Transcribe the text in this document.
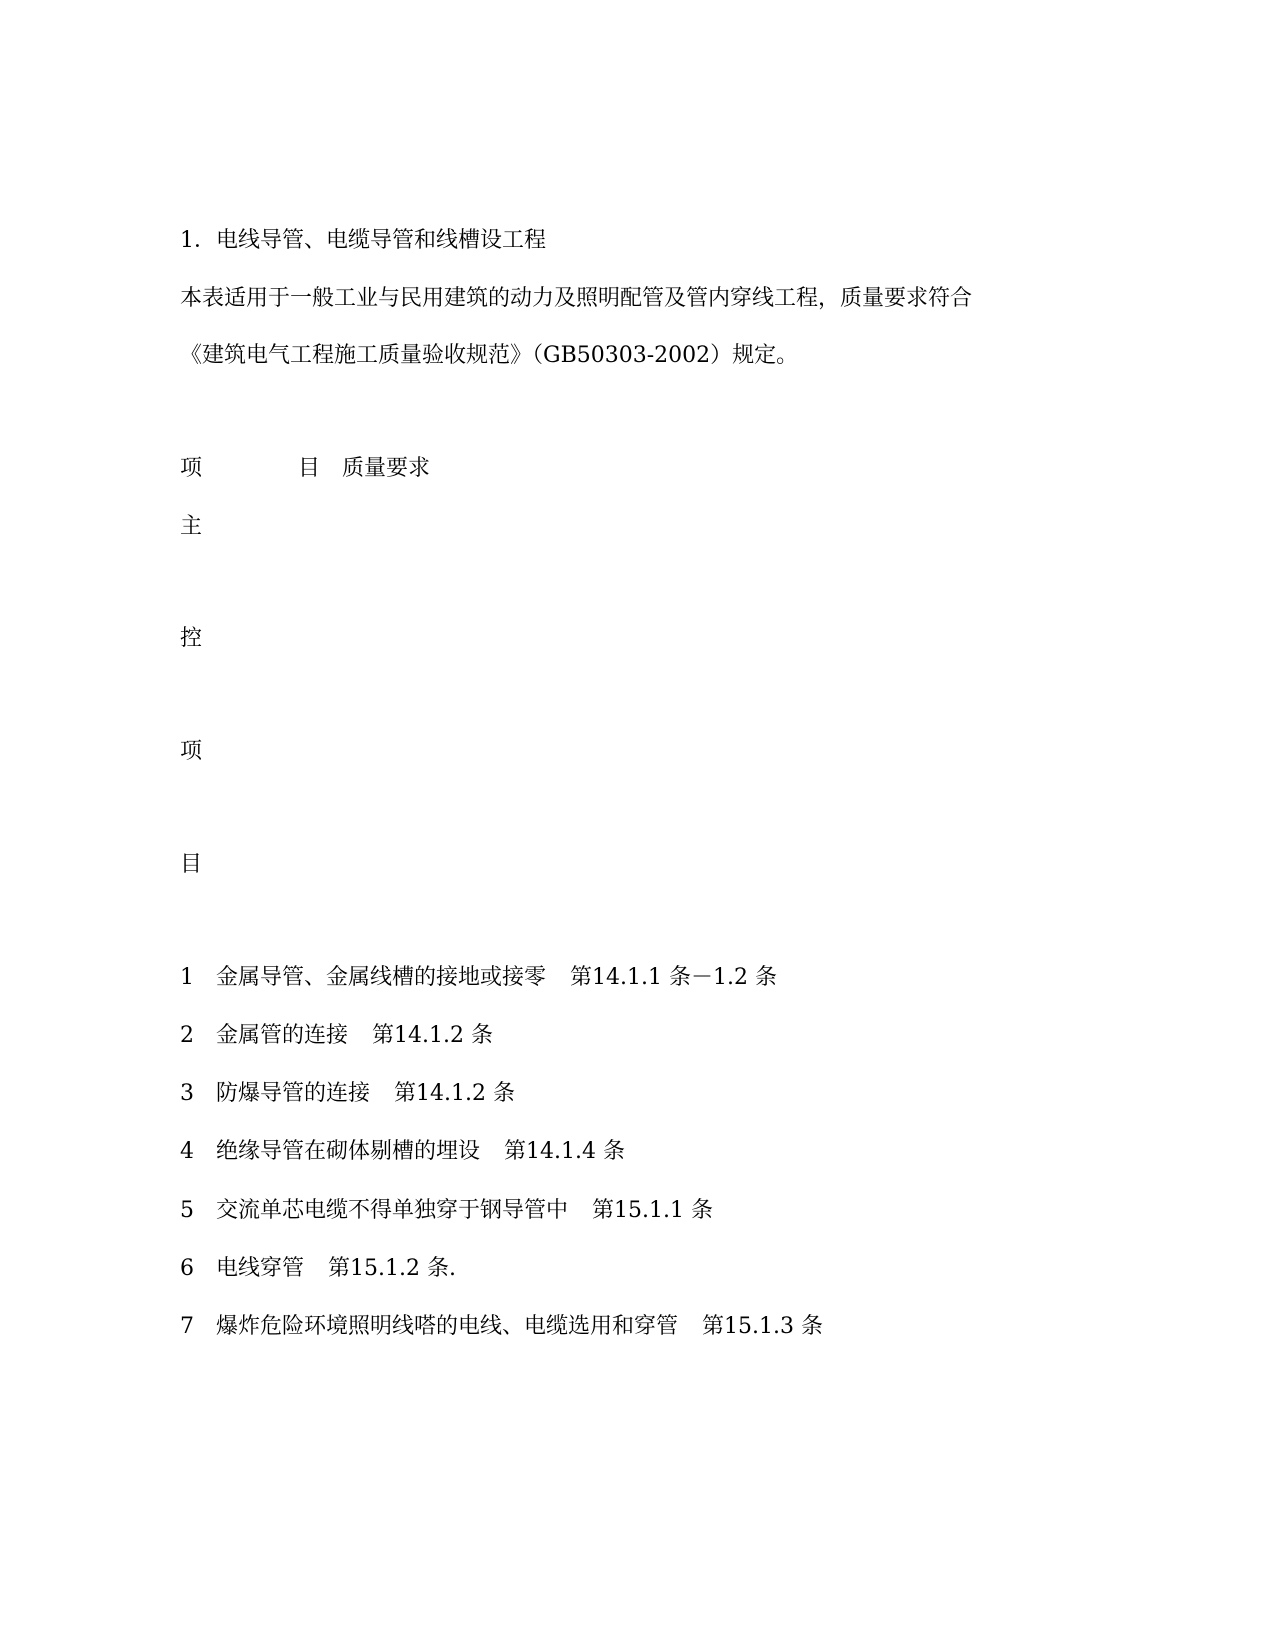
1．电线导管、电缆导管和线槽设工程
本表适用于一般工业与民用建筑的动力及照明配管及管内穿线工程，质量要求符合
《建筑电气工程施工质量验收规范》（GB50303-2002）规定。
项	目 质量要求
主
控
项
目
1 金属导管、金属线槽的接地或接零 第14.1.1 条－1.2 条
2 金属管的连接 第14.1.2 条
3 防爆导管的连接 第14.1.2 条
4 绝缘导管在砌体剔槽的埋设 第14.1.4 条
5 交流单芯电缆不得单独穿于钢导管中 第15.1.1 条
6 电线穿管 第15.1.2 条.
7 爆炸危险环境照明线嗒的电线、电缆选用和穿管 第15.1.3 条
